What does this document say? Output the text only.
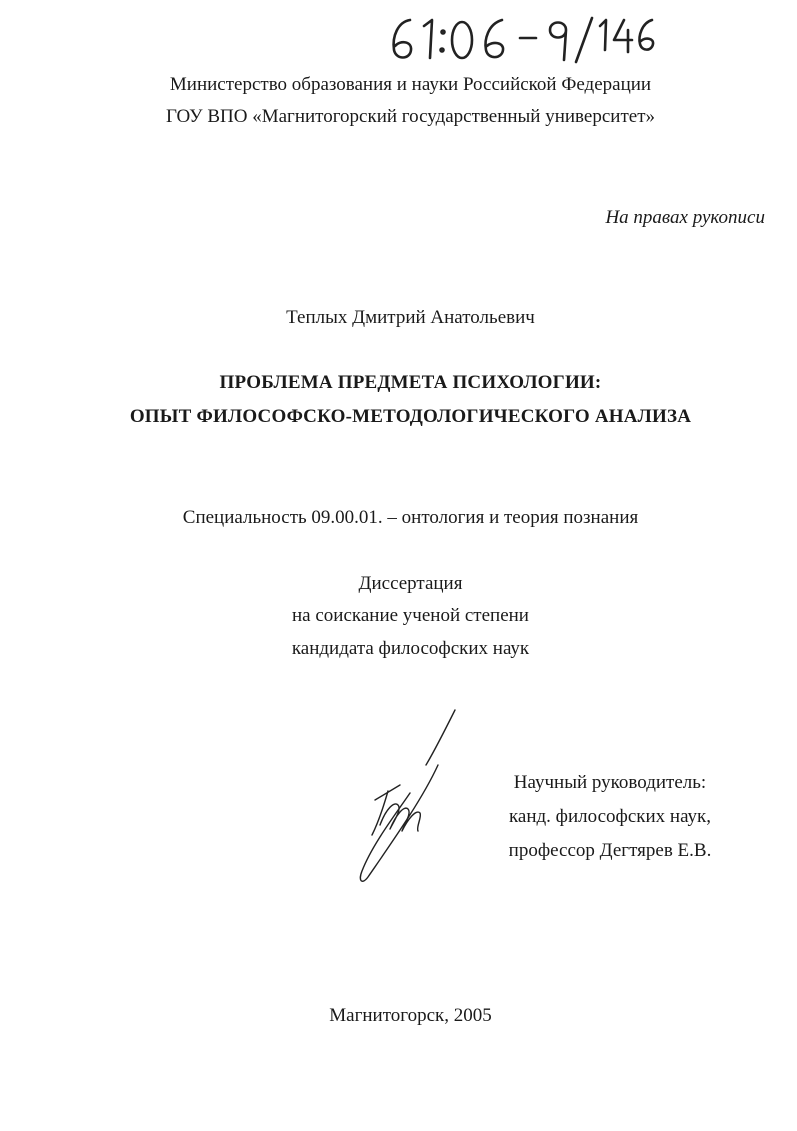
Министерство образования и науки Российской Федерации
ГОУ ВПО «Магнитогорский государственный университет»
На правах рукописи
Теплых Дмитрий Анатольевич
ПРОБЛЕМА ПРЕДМЕТА ПСИХОЛОГИИ:
ОПЫТ ФИЛОСОФСКО-МЕТОДОЛОГИЧЕСКОГО АНАЛИЗА
Специальность 09.00.01. – онтология и теория познания
Диссертация
на соискание ученой степени
кандидата философских наук
Научный руководитель:
канд. философских наук,
профессор Дегтярев Е.В.
Магнитогорск, 2005
